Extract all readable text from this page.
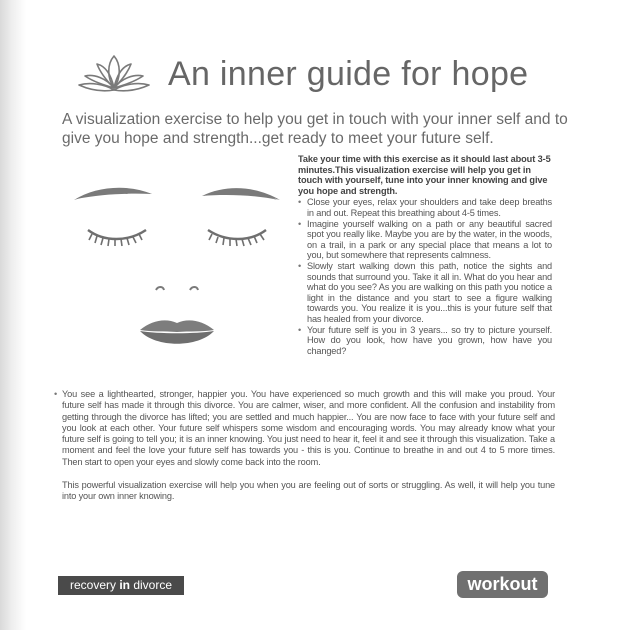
An inner guide for hope
A visualization exercise to help you get in touch with your inner self and to give you hope and strength...get ready to meet your future self.
Take your time with this exercise as it should last about 3-5 minutes.This visualization exercise will help you get in touch with yourself, tune into your inner knowing and give you hope and strength.
• Close your eyes, relax your shoulders and take deep breaths in and out. Repeat this breathing about 4-5 times.
• Imagine yourself walking on a path or any beautiful sacred spot you really like. Maybe you are by the water, in the woods, on a trail, in a park or any special place that means a lot to you, but somewhere that represents calmness.
• Slowly start walking down this path, notice the sights and sounds that surround you. Take it all in. What do you hear and what do you see? As you are walking on this path you notice a light in the distance and you start to see a figure walking towards you. You realize it is you...this is your future self that has healed from your divorce.
• Your future self is you in 3 years... so try to picture yourself. How do you look, how have you grown, how have you changed?
• You see a lighthearted, stronger, happier you. You have experienced so much growth and this will make you proud. Your future self has made it through this divorce. You are calmer, wiser, and more confident. All the confusion and instability from getting through the divorce has lifted; you are settled and much happier... You are now face to face with your future self and you look at each other. Your future self whispers some wisdom and encouraging words. You may already know what your future self is going to tell you; it is an inner knowing. You just need to hear it, feel it and see it through this visualization. Take a moment and feel the love your future self has towards you - this is you. Continue to breathe in and out 4 to 5 more times. Then start to open your eyes and slowly come back into the room.
This powerful visualization exercise will help you when you are feeling out of sorts or struggling. As well, it will help you tune into your own inner knowing.
recovery in divorce	workout
